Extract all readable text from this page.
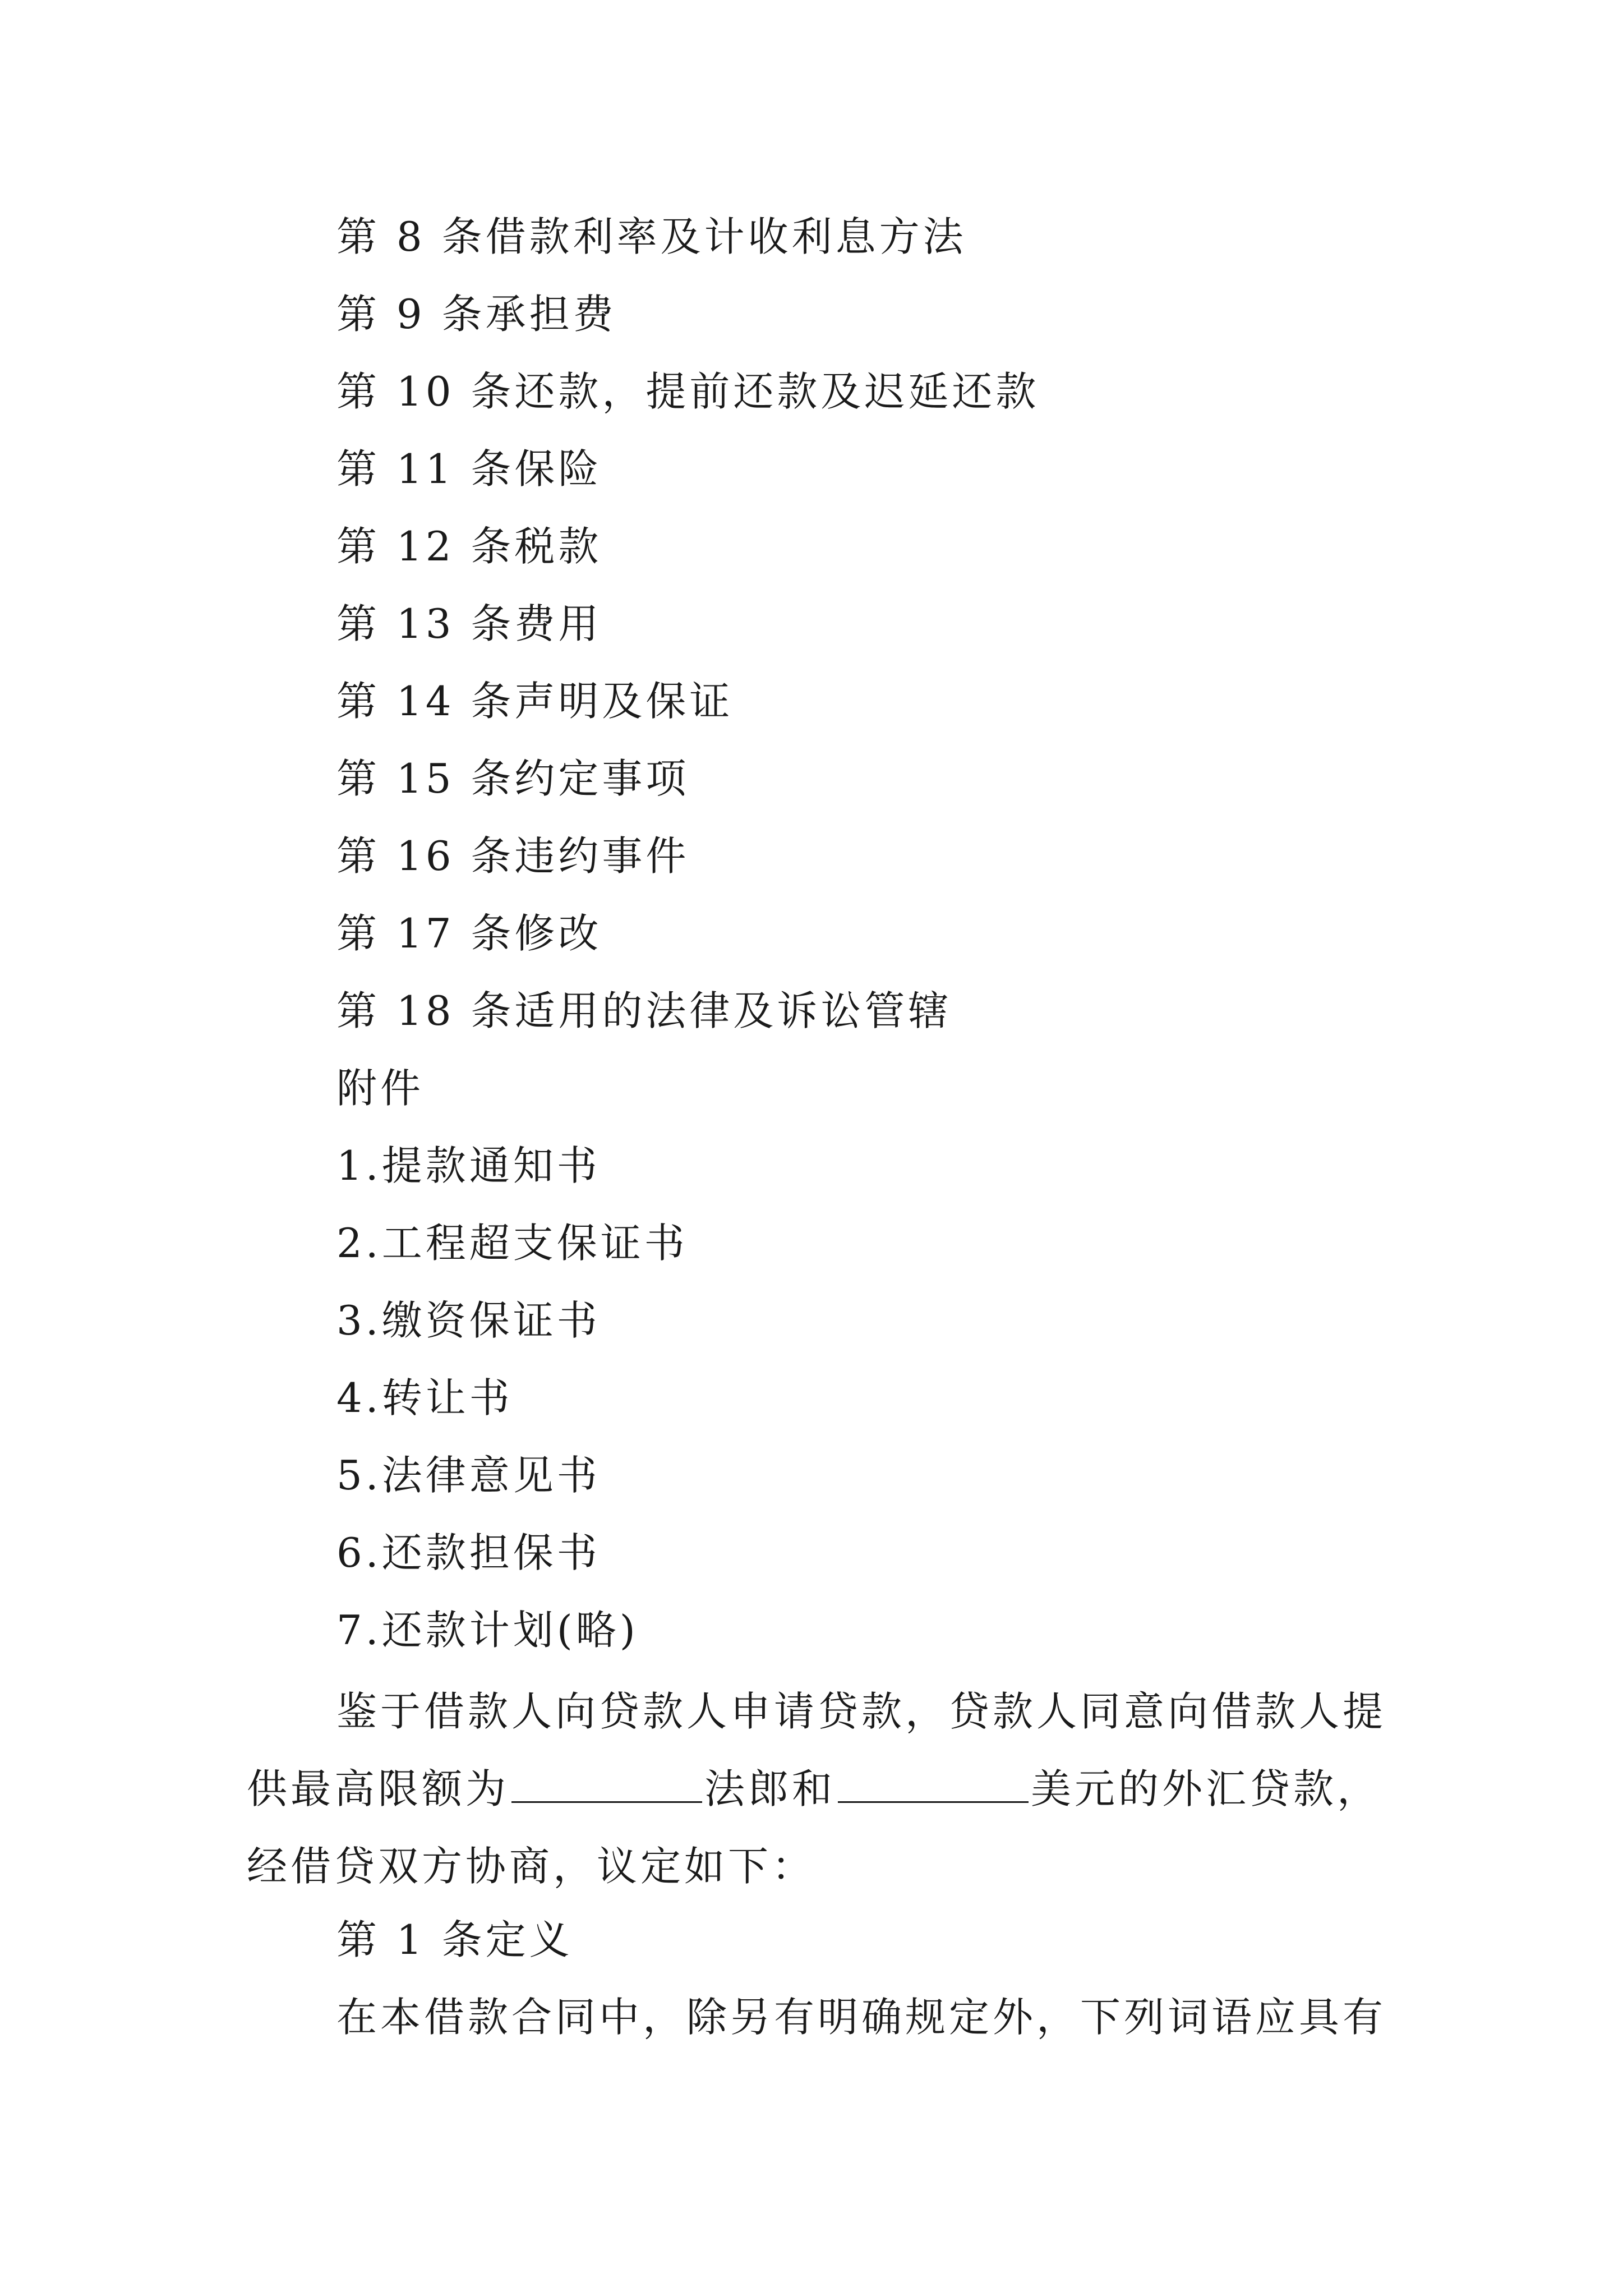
第 8 条借款利率及计收利息方法
第 9 条承担费
第 10 条还款，提前还款及迟延还款
第 11 条保险
第 12 条税款
第 13 条费用
第 14 条声明及保证
第 15 条约定事项
第 16 条违约事件
第 17 条修改
第 18 条适用的法律及诉讼管辖
附件
1.提款通知书
2.工程超支保证书
3.缴资保证书
4.转让书
5.法律意见书
6.还款担保书
7.还款计划(略)

鉴于借款人向贷款人申请贷款，贷款人同意向借款人提

供最高限额为	法郎和	美元的外汇贷款，

经借贷双方协商，议定如下：

第 1 条定义
在本借款合同中，除另有明确规定外，下列词语应具有
